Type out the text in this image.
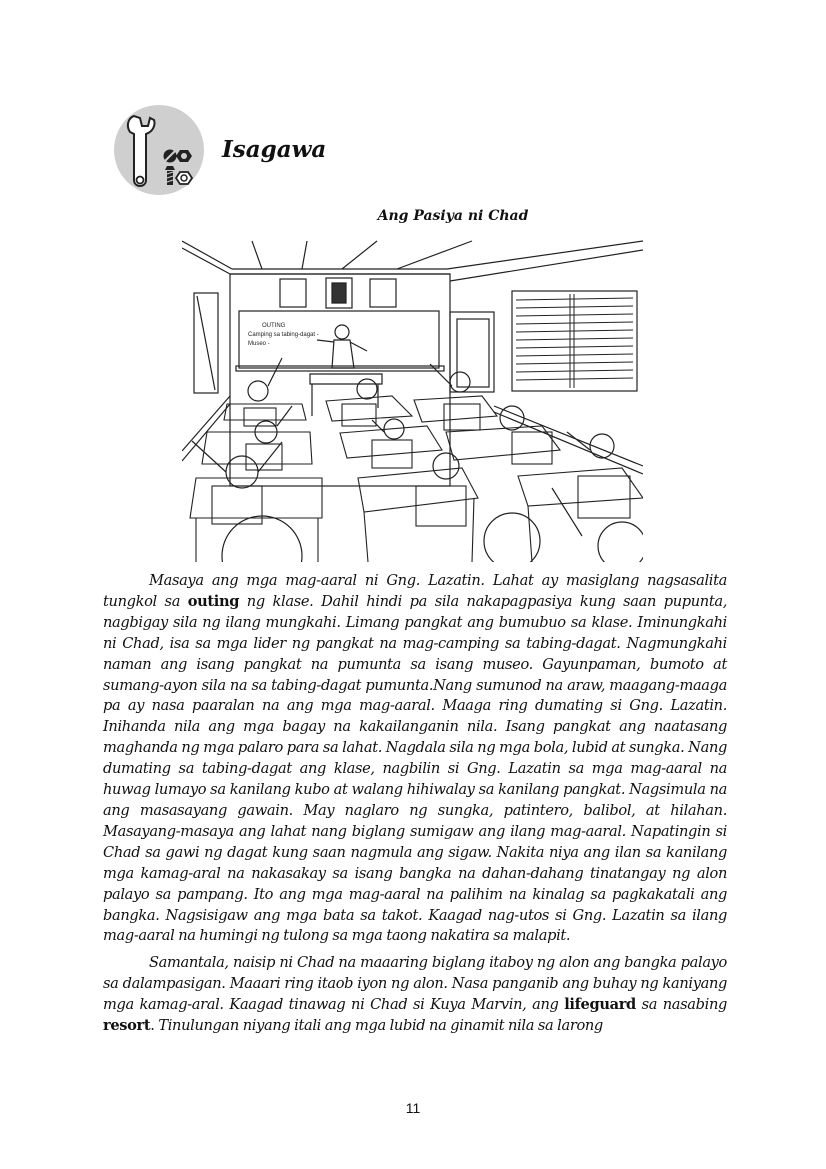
Isagawa
Ang Pasiya ni Chad
OUTING
Camping sa tabing-dagat -
Museo -

Masaya ang mga mag-aaral ni Gng. Lazatin. Lahat ay masiglang nagsasalita tungkol sa outing ng klase. Dahil hindi pa sila nakapagpasiya kung saan pupunta, nagbigay sila ng ilang mungkahi. Limang pangkat ang bumubuo sa klase. Iminungkahi ni Chad, isa sa mga lider ng pangkat na mag-camping sa tabing-dagat. Nagmungkahi naman ang isang pangkat na pumunta sa isang museo. Gayunpaman, bumoto at sumang-ayon sila na sa tabing-dagat pumunta.Nang sumunod na araw, maagang-maaga pa ay nasa paaralan na ang mga mag-aaral. Maaga ring dumating si Gng. Lazatin. Inihanda nila ang mga bagay na kakailanganin nila. Isang pangkat ang naatasang maghanda ng mga palaro para sa lahat. Nagdala sila ng mga bola, lubid at sungka. Nang dumating sa tabing-dagat ang klase, nagbilin si Gng. Lazatin sa mga mag-aaral na huwag lumayo sa kanilang kubo at walang hihiwalay sa kanilang pangkat. Nagsimula na ang masasayang gawain. May naglaro ng sungka, patintero, balibol, at hilahan. Masayang-masaya ang lahat nang biglang sumigaw ang ilang mag-aaral. Napatingin si Chad sa gawi ng dagat kung saan nagmula ang sigaw. Nakita niya ang ilan sa kanilang mga kamag-aral na nakasakay sa isang bangka na dahan-dahang tinatangay ng alon palayo sa pampang. Ito ang mga mag-aaral na palihim na kinalag sa pagkakatali ang bangka. Nagsisigaw ang mga bata sa takot. Kaagad nag-utos si Gng. Lazatin sa ilang mag-aaral na humingi ng tulong sa mga taong nakatira sa malapit.

Samantala, naisip ni Chad na maaaring biglang itaboy ng alon ang bangka palayo sa dalampasigan. Maaari ring itaob iyon ng alon. Nasa panganib ang buhay ng kaniyang mga kamag-aral. Kaagad tinawag ni Chad si Kuya Marvin, ang lifeguard sa nasabing resort. Tinulungan niyang itali ang mga lubid na ginamit nila sa larong

11
